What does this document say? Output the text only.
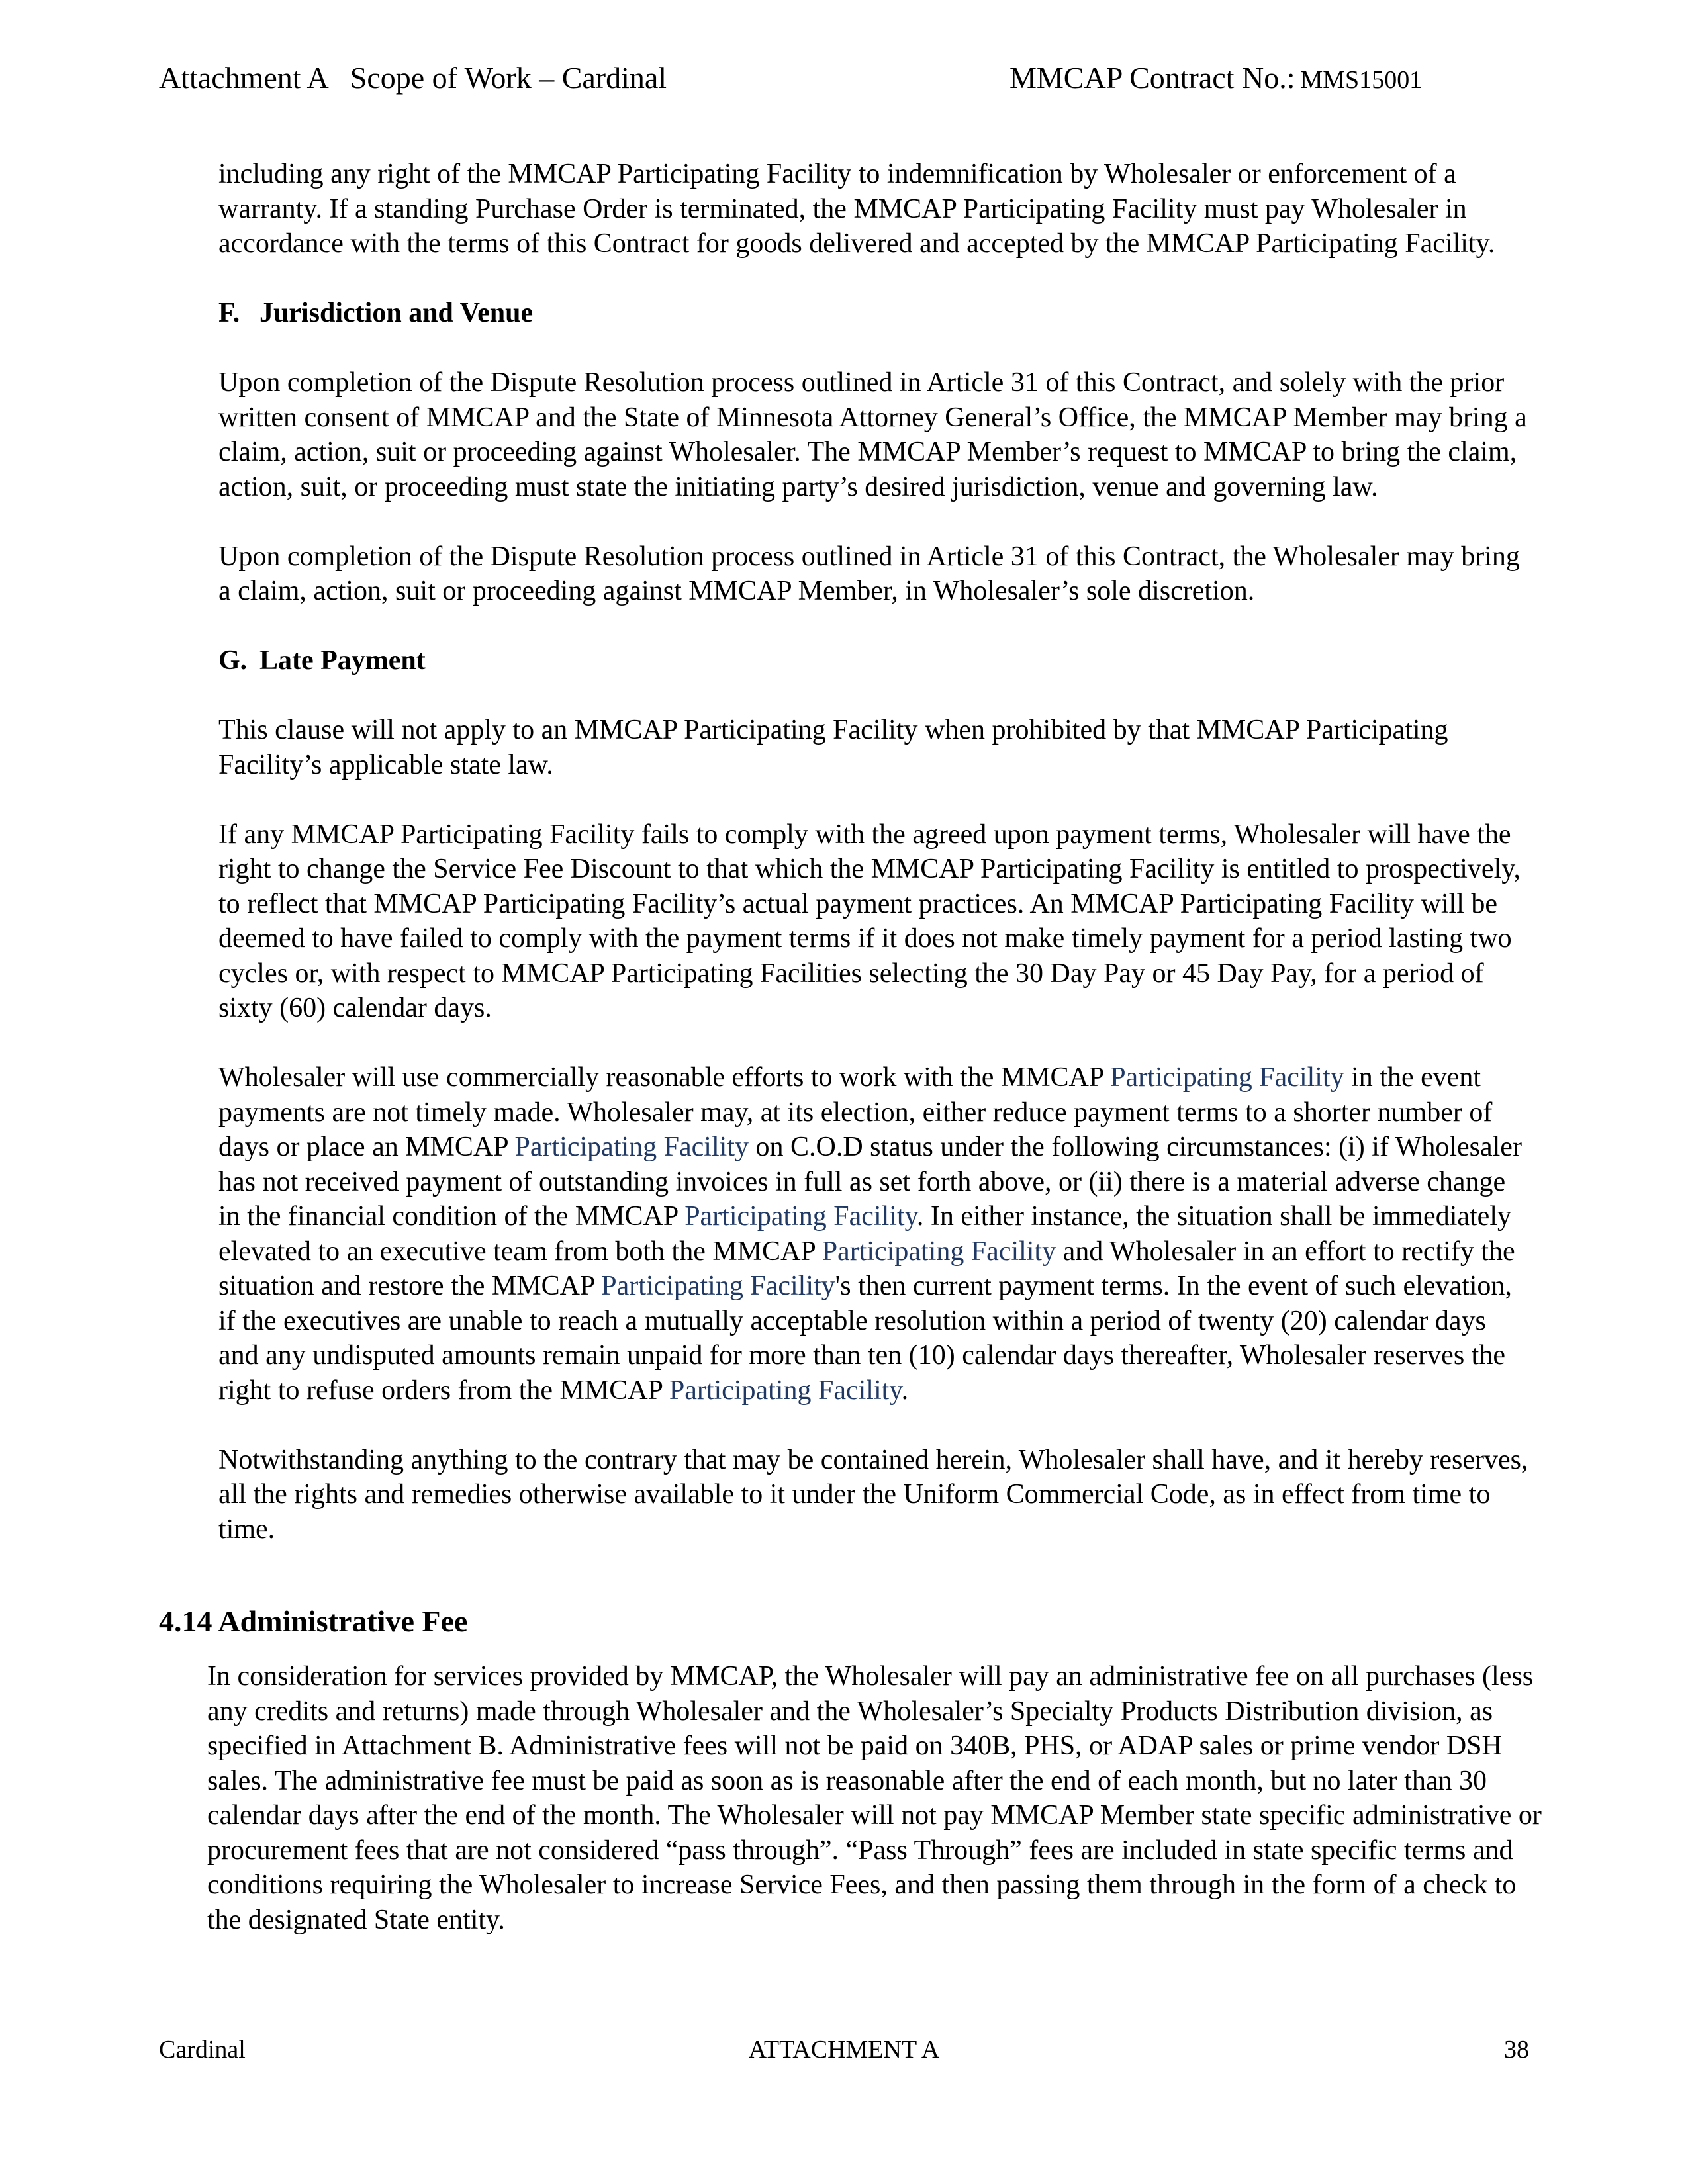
Attachment A   Scope of Work – Cardinal	MMCAP Contract No.: MMS15001

including any right of the MMCAP Participating Facility to indemnification by Wholesaler or enforcement of a warranty. If a standing Purchase Order is terminated, the MMCAP Participating Facility must pay Wholesaler in accordance with the terms of this Contract for goods delivered and accepted by the MMCAP Participating Facility.

F. Jurisdiction and Venue

Upon completion of the Dispute Resolution process outlined in Article 31 of this Contract, and solely with the prior written consent of MMCAP and the State of Minnesota Attorney General’s Office, the MMCAP Member may bring a claim, action, suit or proceeding against Wholesaler. The MMCAP Member’s request to MMCAP to bring the claim, action, suit, or proceeding must state the initiating party’s desired jurisdiction, venue and governing law.

Upon completion of the Dispute Resolution process outlined in Article 31 of this Contract, the Wholesaler may bring a claim, action, suit or proceeding against MMCAP Member, in Wholesaler’s sole discretion.

G. Late Payment

This clause will not apply to an MMCAP Participating Facility when prohibited by that MMCAP Participating Facility’s applicable state law.

If any MMCAP Participating Facility fails to comply with the agreed upon payment terms, Wholesaler will have the right to change the Service Fee Discount to that which the MMCAP Participating Facility is entitled to prospectively, to reflect that MMCAP Participating Facility’s actual payment practices. An MMCAP Participating Facility will be deemed to have failed to comply with the payment terms if it does not make timely payment for a period lasting two cycles or, with respect to MMCAP Participating Facilities selecting the 30 Day Pay or 45 Day Pay, for a period of sixty (60) calendar days.

Wholesaler will use commercially reasonable efforts to work with the MMCAP Participating Facility in the event payments are not timely made. Wholesaler may, at its election, either reduce payment terms to a shorter number of days or place an MMCAP Participating Facility on C.O.D status under the following circumstances: (i) if Wholesaler has not received payment of outstanding invoices in full as set forth above, or (ii) there is a material adverse change in the financial condition of the MMCAP Participating Facility. In either instance, the situation shall be immediately elevated to an executive team from both the MMCAP Participating Facility and Wholesaler in an effort to rectify the situation and restore the MMCAP Participating Facility's then current payment terms. In the event of such elevation, if the executives are unable to reach a mutually acceptable resolution within a period of twenty (20) calendar days and any undisputed amounts remain unpaid for more than ten (10) calendar days thereafter, Wholesaler reserves the right to refuse orders from the MMCAP Participating Facility.

Notwithstanding anything to the contrary that may be contained herein, Wholesaler shall have, and it hereby reserves, all the rights and remedies otherwise available to it under the Uniform Commercial Code, as in effect from time to time.

4.14 Administrative Fee

In consideration for services provided by MMCAP, the Wholesaler will pay an administrative fee on all purchases (less any credits and returns) made through Wholesaler and the Wholesaler’s Specialty Products Distribution division, as specified in Attachment B. Administrative fees will not be paid on 340B, PHS, or ADAP sales or prime vendor DSH sales. The administrative fee must be paid as soon as is reasonable after the end of each month, but no later than 30 calendar days after the end of the month. The Wholesaler will not pay MMCAP Member state specific administrative or procurement fees that are not considered “pass through”. “Pass Through” fees are included in state specific terms and conditions requiring the Wholesaler to increase Service Fees, and then passing them through in the form of a check to the designated State entity.

Cardinal	ATTACHMENT A	38
